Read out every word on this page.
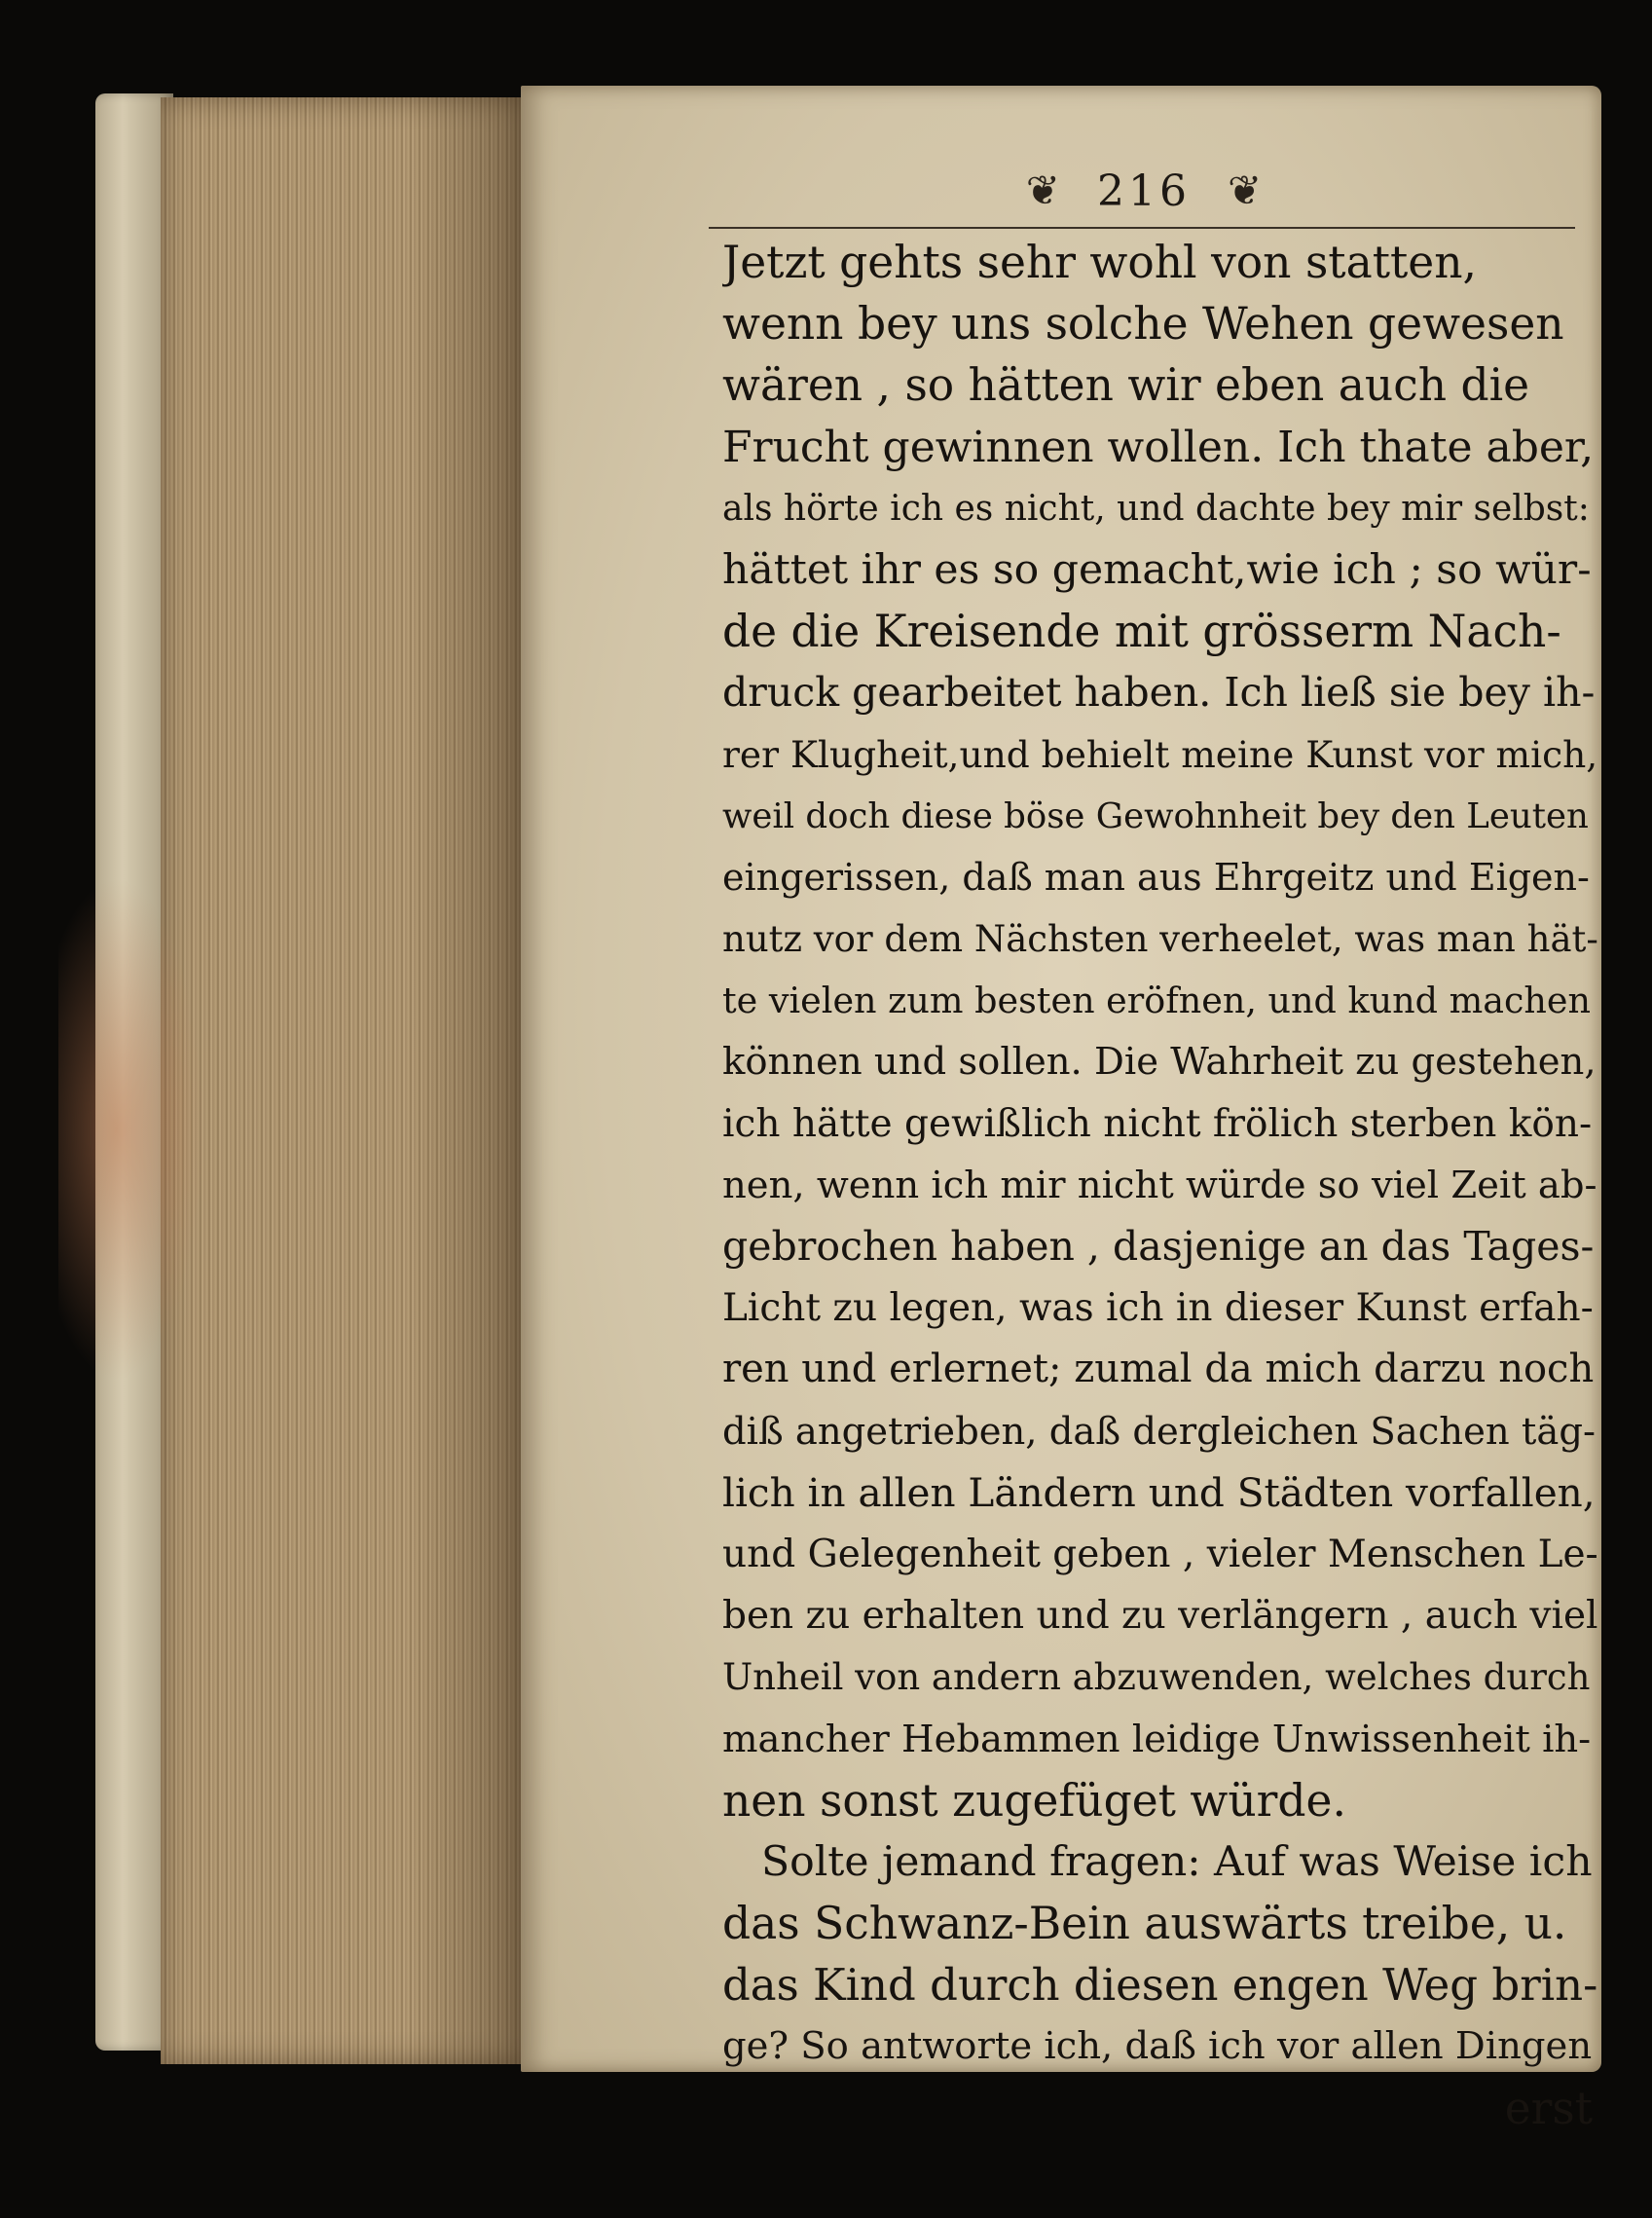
❦ 216 ❦
Jetzt gehts sehr wohl von statten,
wenn bey uns solche Wehen gewesen
wären , so hätten wir eben auch die
Frucht gewinnen wollen. Ich thate aber,
als hörte ich es nicht, und dachte bey mir selbst:
hättet ihr es so gemacht,wie ich ; so wür-
de die Kreisende mit grösserm Nach-
druck gearbeitet haben. Ich ließ sie bey ih-
rer Klugheit,und behielt meine Kunst vor mich,
weil doch diese böse Gewohnheit bey den Leuten
eingerissen, daß man aus Ehrgeitz und Eigen-
nutz vor dem Nächsten verheelet, was man hät-
te vielen zum besten eröfnen, und kund machen
können und sollen. Die Wahrheit zu gestehen,
ich hätte gewißlich nicht frölich sterben kön-
nen, wenn ich mir nicht würde so viel Zeit ab-
gebrochen haben , dasjenige an das Tages-
Licht zu legen, was ich in dieser Kunst erfah-
ren und erlernet; zumal da mich darzu noch
diß angetrieben, daß dergleichen Sachen täg-
lich in allen Ländern und Städten vorfallen,
und Gelegenheit geben , vieler Menschen Le-
ben zu erhalten und zu verlängern , auch viel
Unheil von andern abzuwenden, welches durch
mancher Hebammen leidige Unwissenheit ih-
nen sonst zugefüget würde.
Solte jemand fragen: Auf was Weise ich
das Schwanz-Bein auswärts treibe, u.
das Kind durch diesen engen Weg brin-
ge? So antworte ich, daß ich vor allen Dingen
erst
